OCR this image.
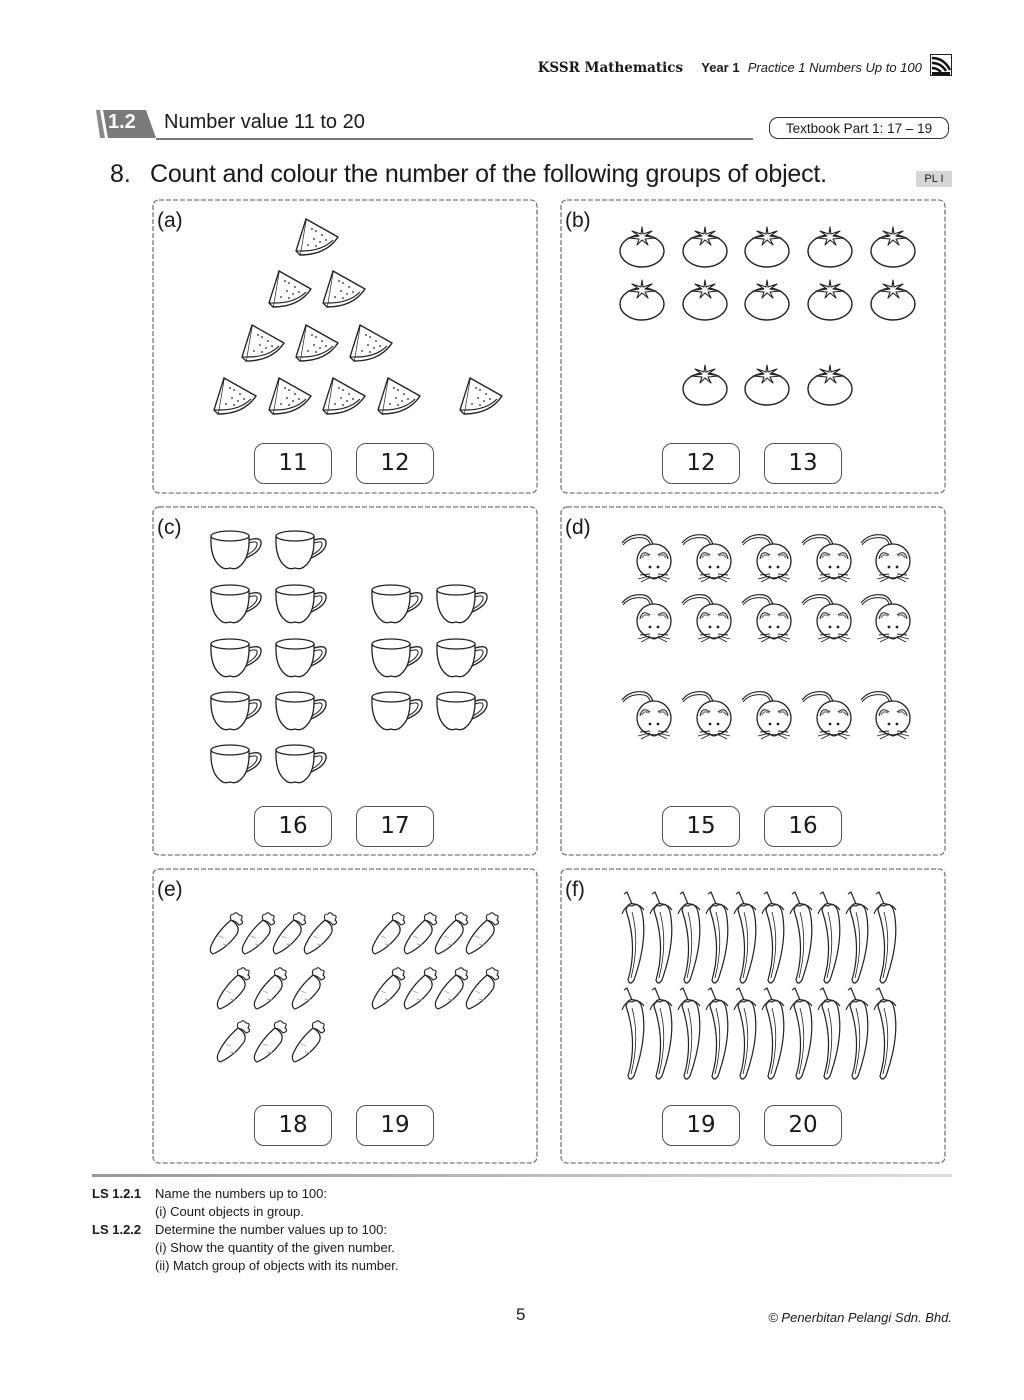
KSSR Mathematics Year 1 Practice 1 Numbers Up to 100
1.2 Number value 11 to 20	Textbook Part 1: 17 – 19
8. Count and colour the number of the following groups of object.	PL I
(a)
11	12
(b)
12	13
(c)
16	17
(d)
15	16
(e)
18	19
(f)
19	20
LS 1.2.1 Name the numbers up to 100:
(i) Count objects in group.
LS 1.2.2 Determine the number values up to 100:
(i) Show the quantity of the given number.
(ii) Match group of objects with its number.
5	© Penerbitan Pelangi Sdn. Bhd.
